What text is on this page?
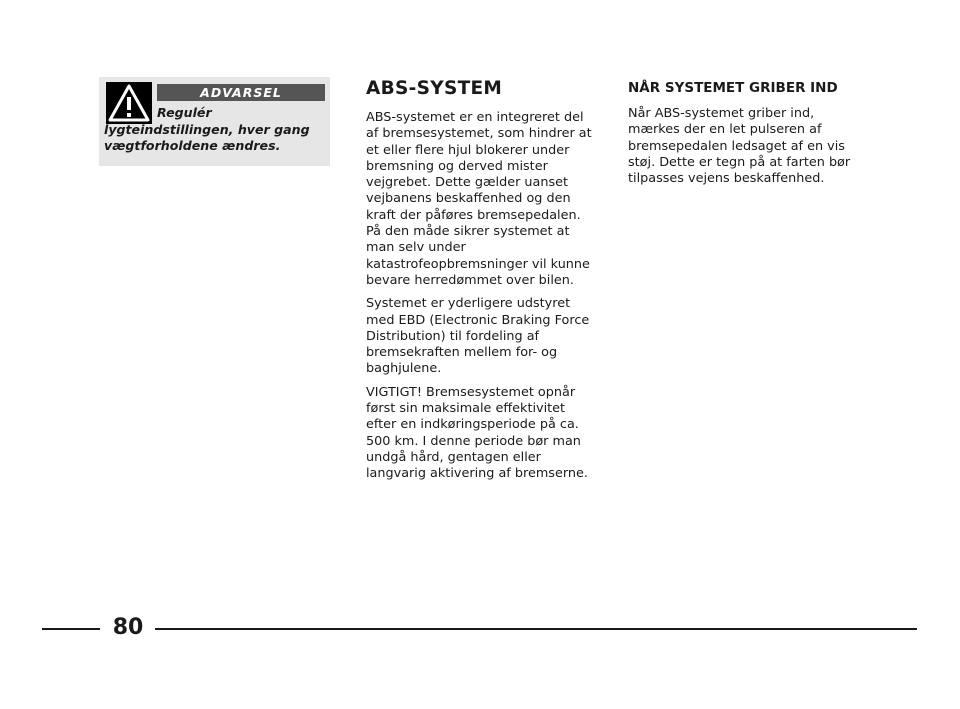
ADVARSEL

Regulér lygteindstillingen, hver gang vægtforholdene ændres.

ABS-SYSTEM

ABS-systemet er en integreret del af bremsesystemet, som hindrer at et eller flere hjul blokerer under bremsning og derved mister vejgrebet. Dette gælder uanset vejbanens beskaffenhed og den kraft der påføres bremsepedalen. På den måde sikrer systemet at man selv under katastrofeopbremsninger vil kunne bevare herredømmet over bilen.

Systemet er yderligere udstyret med EBD (Electronic Braking Force Distribution) til fordeling af bremsekraften mellem for- og baghjulene.

VIGTIGT! Bremsesystemet opnår først sin maksimale effektivitet efter en indkøringsperiode på ca. 500 km. I denne periode bør man undgå hård, gentagen eller langvarig aktivering af bremserne.

NÅR SYSTEMET GRIBER IND

Når ABS-systemet griber ind, mærkes der en let pulseren af bremsepedalen ledsaget af en vis støj. Dette er tegn på at farten bør tilpasses vejens beskaffenhed.

80
